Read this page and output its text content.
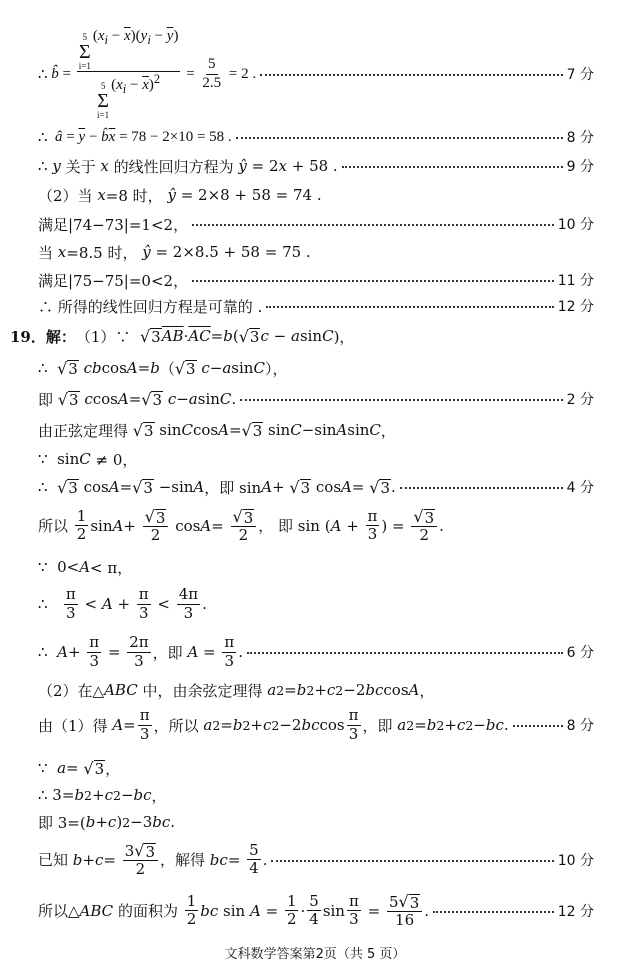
∴ b̂ = 5
Σ
i=1
$(x_i - \overline{x})(y_i - \overline{y})$
5
Σ
i=1
$(x_i - \overline{x})^2 = \frac{5}{2.5} = 2$ .	7 分
∴ â = $\overline{y}$ − $b̂\overline{x} = 78 - 2\times 10 = 58$ .	8 分
∴ y 关于 x 的线性回归方程为 ŷ = 2 x + 58 .	9 分
（2）当 x =8 时， ŷ = 2×8 + 58 = 74 .
满足|74−73|=1<2，	10 分
当 x =8.5 时， ŷ = 2×8.5 + 58 = 75 .
满足|75−75|=0<2，	11 分
∴ 所得的线性回归方程是可靠的 .	12 分
19．解： （1）∵ √ 3 $\overline{AB} \cdot \overline{AC} = b$ ( √ 3 c − a sin C )，
∴ √ 3
cb cos A = b （ √ 3
c − a sin C ），
即 √ 3
c cos A = √ 3
c − a sin C .	2 分
由正弦定理得 √ 3 sin C cos A = √ 3 sin C −sin A sin C ，
∵  sin C ≠ 0，
∴ √ 3 cos A = √ 3 −sin A ，即 sin A + √ 3 cos A = √ 3 .	4 分
所以 $\frac{1}{2}$ $\sin A + \frac{√ 3}{2}$ $\cos A = \frac{√ 3}{2}$ ， 即 sin ( $A + \frac{\pi}{3}$ ) = $\frac{√ 3}{2}$ .
∵  0< A < π，
∴ $\frac{\pi}{3} < A + \frac{\pi}{3} < \frac{4\pi}{3}$ .
∴ $A + \frac{\pi}{3} = \frac{2\pi}{3}$ ，即 $A = \frac{\pi}{3}$ .	6 分
（2）在△ ABC 中，由余弦定理得 a 2 = b 2 + c 2 −2 bc cos A ，
由（1）得 $A = \frac{\pi}{3}$ ，所以 a 2 = b 2 + c 2 −2 bc $\cos \frac{\pi}{3}$ ，即 a 2 = b 2 + c 2 − bc .	8 分
∵ a = √ 3 ，
∴ 3= b 2 + c 2 − bc ，
即 3=( b + c ) 2 −3 bc .
已知 $b + c = \frac{3 √ 3}{2}$ ，解得 bc = $\frac{5}{4}$ .	10 分
所以△ ABC 的面积为 $\frac{1}{2}$ bc $\sin A = \frac{1}{2} \cdot \frac{5}{4}$ $\sin \frac{\pi}{3} = \frac{5 √ 3}{16}$ .	12 分
文科数学答案第2页（共 5 页）
